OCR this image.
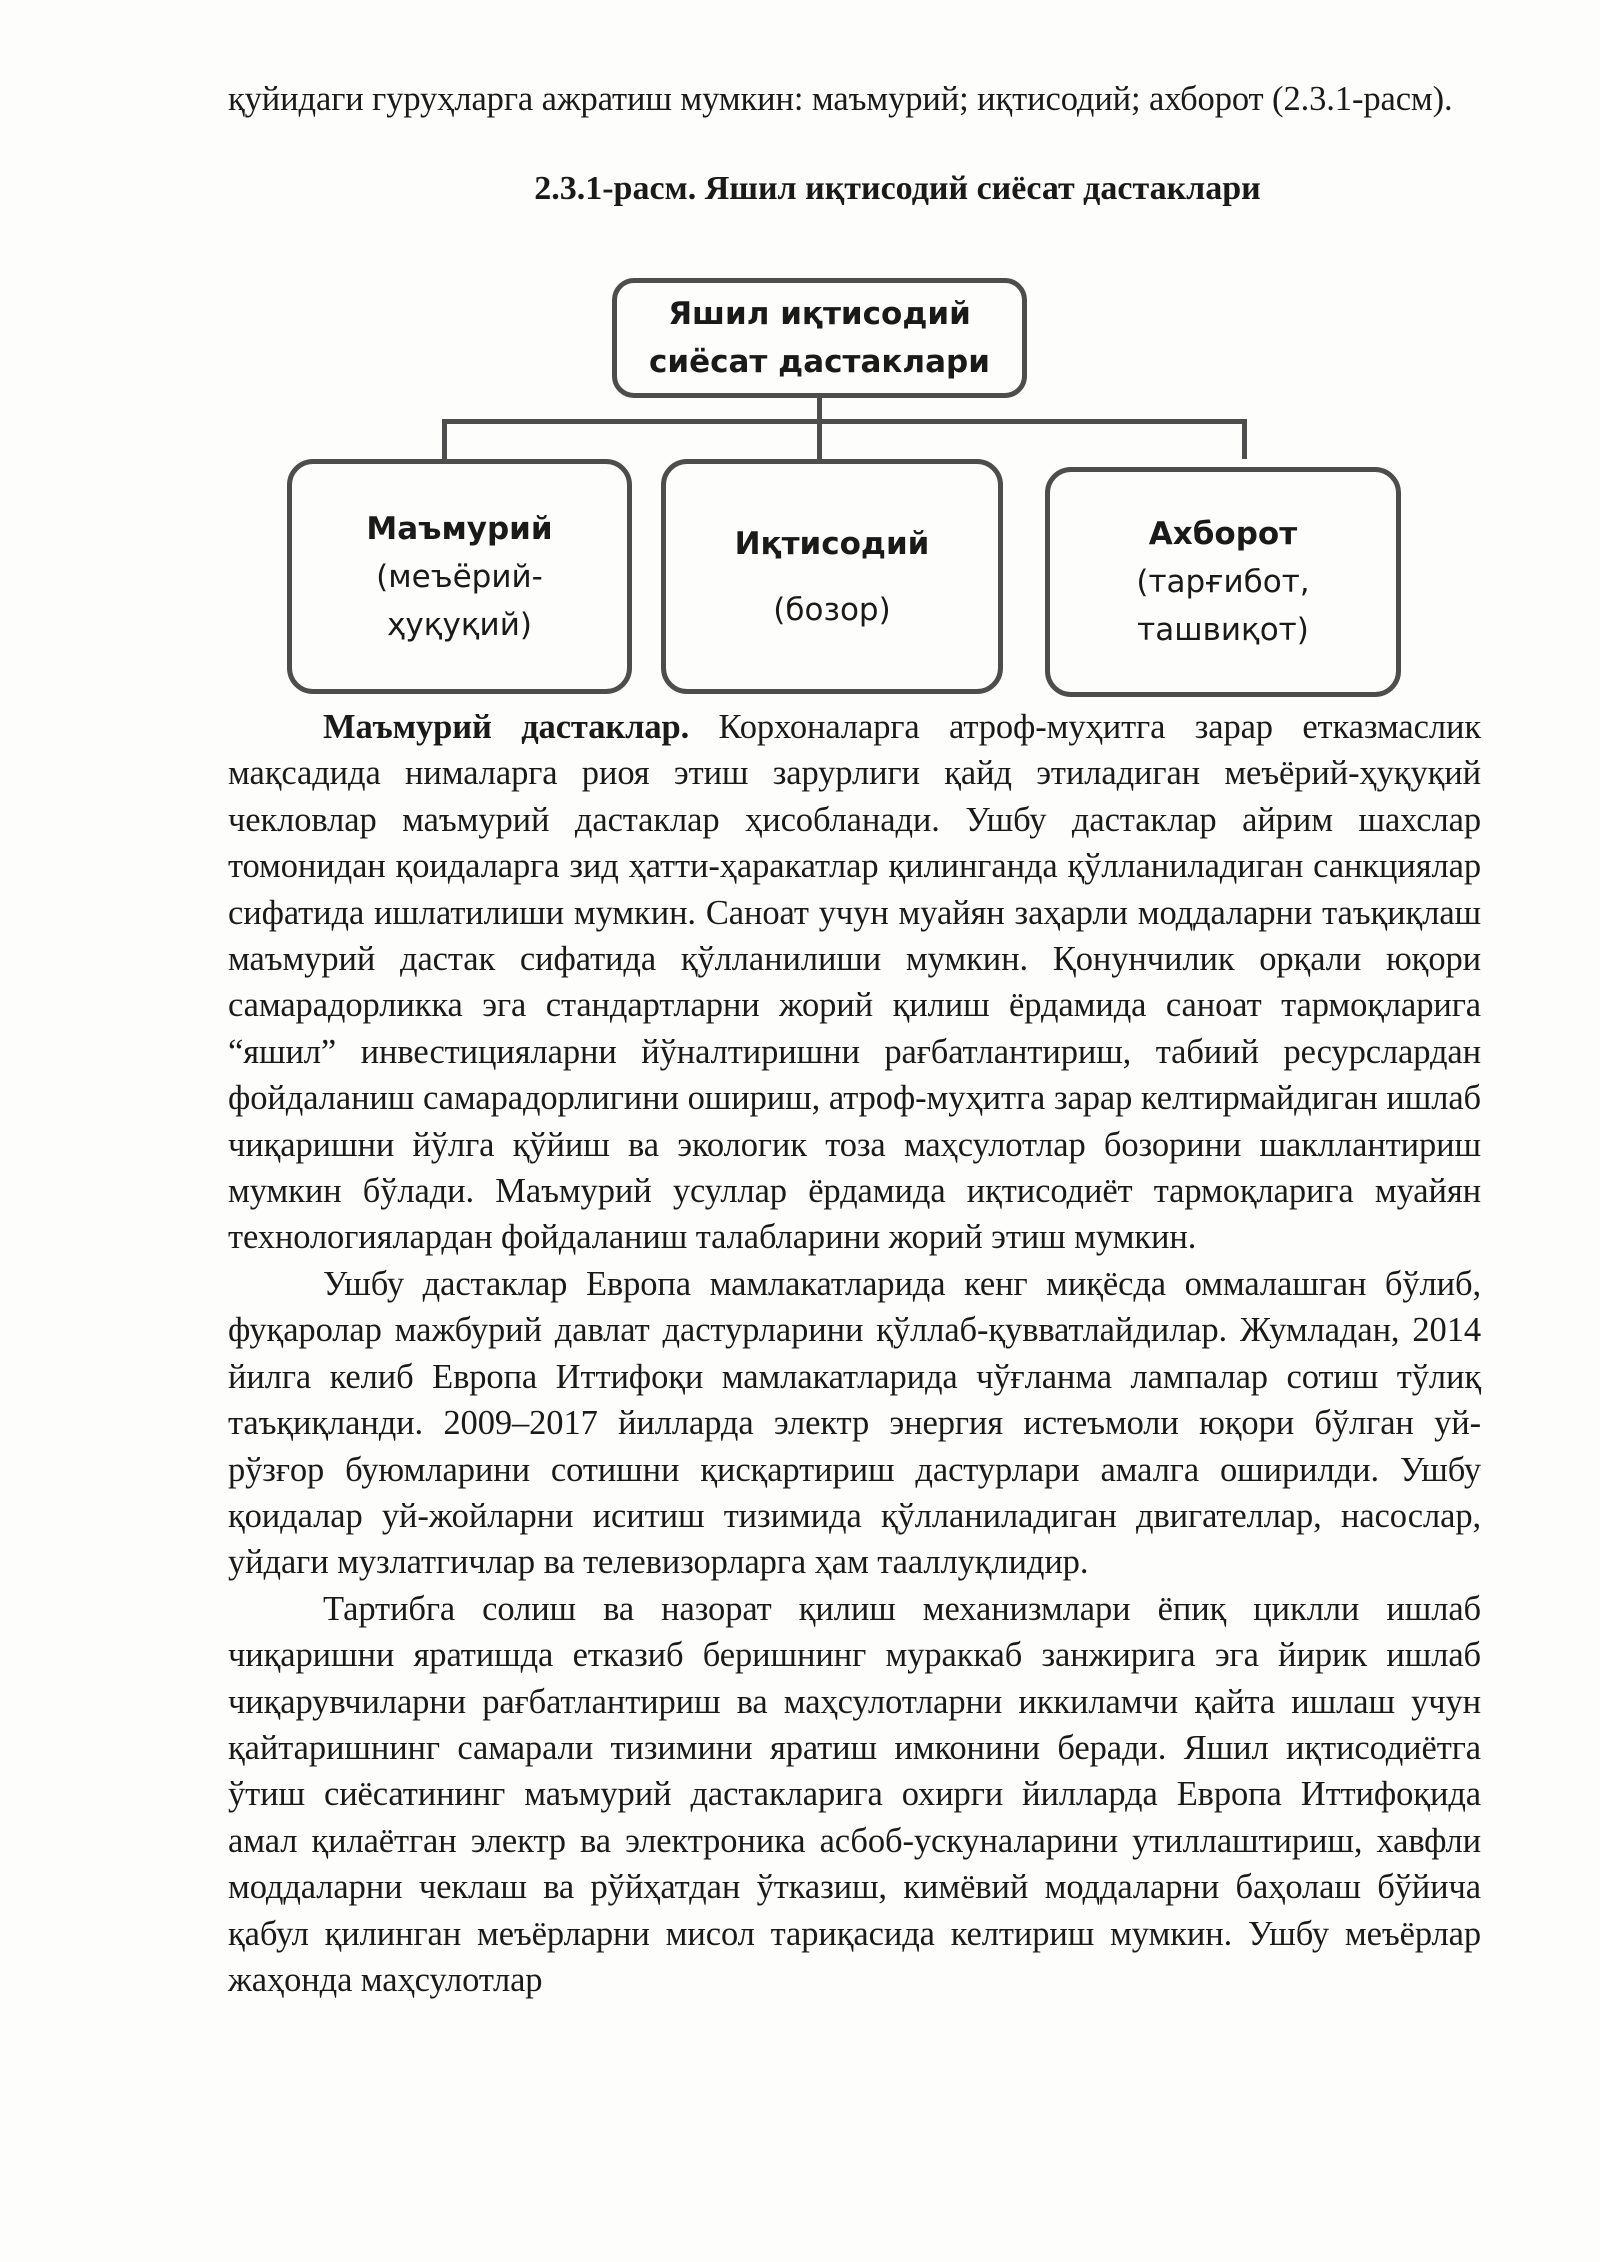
қуйидаги гуруҳларга ажратиш мумкин: маъмурий; иқтисодий; ахборот (2.3.1-расм).

2.3.1-расм. Яшил иқтисодий сиёсат дастаклари
Яшил иқтисодий
сиёсат дастаклари
Маъмурий
(меъёрий-
ҳуқуқий)
Иқтисодий
(бозор)
Ахборот
(тарғибот,
ташвиқот)

Маъмурий дастаклар. Корхоналарга атроф-муҳитга зарар етказмаслик мақсадида нималарга риоя этиш зарурлиги қайд этиладиган меъёрий-ҳуқуқий чекловлар маъмурий дастаклар ҳисобланади. Ушбу дастаклар айрим шахслар томонидан қоидаларга зид ҳатти-ҳаракатлар қилинганда қўлланиладиган санкциялар сифатида ишлатилиши мумкин. Саноат учун муайян заҳарли моддаларни таъқиқлаш маъмурий дастак сифатида қўлланилиши мумкин. Қонунчилик орқали юқори самарадорликка эга стандартларни жорий қилиш ёрдамида саноат тармоқларига “яшил” инвестицияларни йўналтиришни рағбатлантириш, табиий ресурслардан фойдаланиш самарадорлигини ошириш, атроф-муҳитга зарар келтирмайдиган ишлаб чиқаришни йўлга қўйиш ва экологик тоза маҳсулотлар бозорини шакллантириш мумкин бўлади. Маъмурий усуллар ёрдамида иқтисодиёт тармоқларига муайян технологиялардан фойдаланиш талабларини жорий этиш мумкин.

Ушбу дастаклар Европа мамлакатларида кенг миқёсда оммалашган бўлиб, фуқаролар мажбурий давлат дастурларини қўллаб-қувватлайдилар. Жумладан, 2014 йилга келиб Европа Иттифоқи мамлакатларида чўғланма лампалар сотиш тўлиқ таъқиқланди. 2009–2017 йилларда электр энергия истеъмоли юқори бўлган уй-рўзғор буюмларини сотишни қисқартириш дастурлари амалга оширилди. Ушбу қоидалар уй-жойларни иситиш тизимида қўлланиладиган двигателлар, насослар, уйдаги музлатгичлар ва телевизорларга ҳам тааллуқлидир.

Тартибга солиш ва назорат қилиш механизмлари ёпиқ циклли ишлаб чиқаришни яратишда етказиб беришнинг мураккаб занжирига эга йирик ишлаб чиқарувчиларни рағбатлантириш ва маҳсулотларни иккиламчи қайта ишлаш учун қайтаришнинг самарали тизимини яратиш имконини беради. Яшил иқтисодиётга ўтиш сиёсатининг маъмурий дастакларига охирги йилларда Европа Иттифоқида амал қилаётган электр ва электроника асбоб-ускуналарини утиллаштириш, хавфли моддаларни чеклаш ва рўйҳатдан ўтказиш, кимёвий моддаларни баҳолаш бўйича қабул қилинган меъёрларни мисол тариқасида келтириш мумкин. Ушбу меъёрлар жаҳонда маҳсулотлар
